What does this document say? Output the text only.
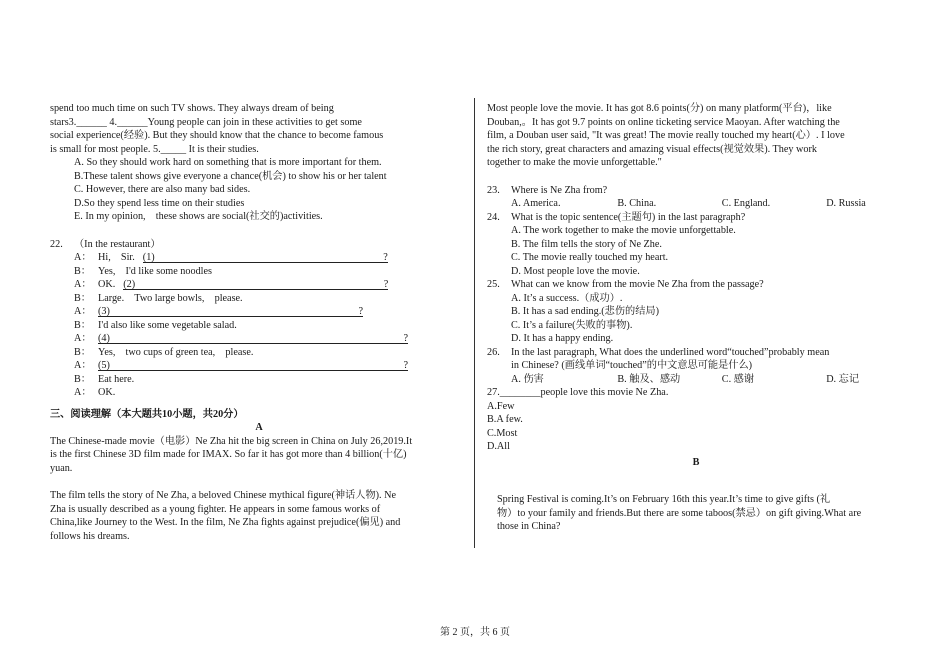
spend too much time on such TV shows. They always dream of being
stars3.______ 4.______Young people can join in these activities to get some
social experience(经验). But they should know that the chance to become famous
is small for most people. 5._____ It is their studies.
A. So they should work hard on something that is more important for them.
B.These talent shows give everyone a chance(机会) to show his or her talent
C. However, there are also many bad sides.
D.So they spend less time on their studies
E. In my opinion,　these shows are social(社交的)activities.
22. （In the restaurant）
A： Hi,　Sir. (1)	?
B： Yes,　I'd like some noodles
A： OK. (2)	?
B： Large.　Two large bowls,　please.
A： (3)	?
B： I'd also like some vegetable salad.
A： (4)	?
B： Yes,　two cups of green tea,　please.
A： (5)	?
B： Eat here.
A： OK.
三、阅读理解（本大题共10小题，共20分）
A
The Chinese-made movie（电影）Ne Zha hit the big screen in China on July 26,2019.It
is the first Chinese 3D film made for IMAX. So far it has got more than 4 billion(十亿)
yuan.
The film tells the story of Ne Zha, a beloved Chinese mythical figure(神话人物). Ne
Zha is usually described as a young fighter. He appears in some famous works of
China,like Journey to the West. In the film, Ne Zha fights against prejudice(偏见) and
follows his dreams.
Most people love the movie. It has got 8.6 points(分) on many platform(平台)，like
Douban,。It has got 9.7 points on online ticketing service Maoyan. After watching the
film, a Douban user said, "It was great! The movie really touched my heart(心）. I love
the rich story, great characters and amazing visual effects(视觉效果). They work
together to make the movie unforgettable."
23. Where is Ne Zha from?
A. America.	B. China.	C. England.	D. Russia
24. What is the topic sentence(主题句) in the last paragraph?
A. The work together to make the movie unforgettable.
B. The film tells the story of Ne Zhe.
C. The movie really touched my heart.
D. Most people love the movie.
25. What can we know from the movie Ne Zha from the passage?
A. It’s a success.（成功）.
B. It has a sad ending.(悲伤的结局)
C. It’s a failure(失败的事物).
D. It has a happy ending.
26. In the last paragraph, What does the underlined word“touched”probably mean
in Chinese? (画线单词“touched”的中文意思可能是什么)
A. 伤害	B. 触及、感动	C. 感谢	D. 忘记
27.________people love this movie Ne Zha.
A.Few
B.A few.
C.Most
D.All
B
Spring Festival is coming.It’s on February 16th this year.It’s time to give gifts (礼
物）to your family and friends.But there are some taboos(禁忌）on gift giving.What are
those in China?
第 2 页，共 6 页
